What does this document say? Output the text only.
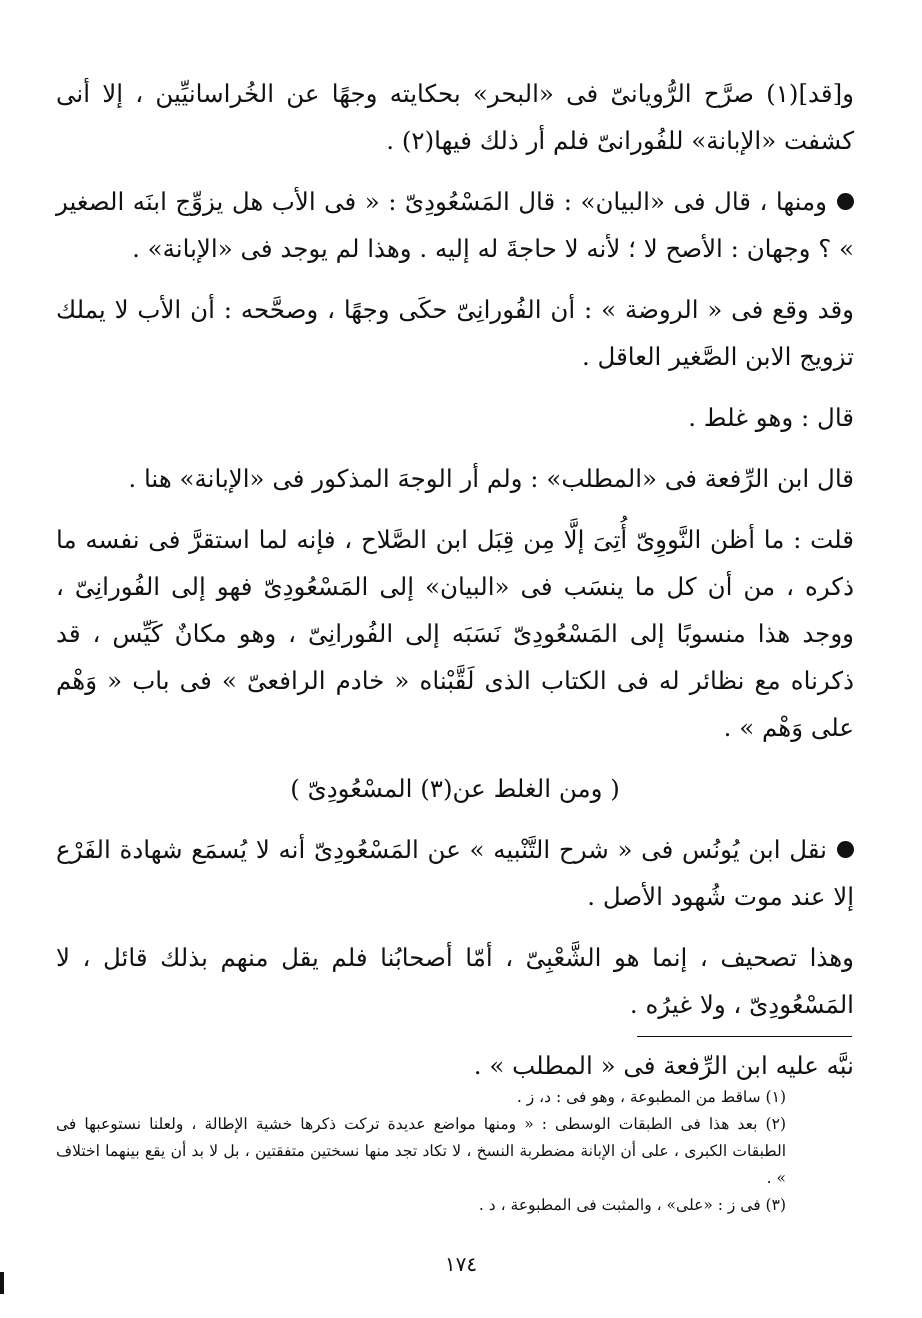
و[قد](١) صرَّح الرُّويانىّ فى «البحر» بحكايته وجهًا عن الخُراسانيِّين ، إلا أنى كشفت «الإبانة» للفُورانىّ فلم أر ذلك فيها(٢) .

ومنها ، قال فى «البيان» : قال المَسْعُودِىّ : « فى الأب هل يزوِّج ابنَه الصغير » ؟ وجهان : الأصح لا ؛ لأنه لا حاجةَ له إليه . وهذا لم يوجد فى «الإبانة» .

وقد وقع فى « الروضة » : أن الفُورانِىّ حكَى وجهًا ، وصحَّحه : أن الأب لا يملك تزويج الابن الصَّغير العاقل .

قال : وهو غلط .

قال ابن الرِّفعة فى «المطلب» : ولم أر الوجهَ المذكور فى «الإبانة» هنا .

قلت : ما أظن النَّووِىّ أُتِىَ إلَّا مِن قِبَل ابن الصَّلاح ، فإنه لما استقرَّ فى نفسه ما ذكره ، من أن كل ما ينسَب فى «البيان» إلى المَسْعُودِىّ فهو إلى الفُورانِىّ ، ووجد هذا منسوبًا إلى المَسْعُودِىّ نَسَبَه إلى الفُورانِىّ ، وهو مكانٌ كَيِّس ، قد ذكرناه مع نظائر له فى الكتاب الذى لَقَّبْناه « خادم الرافعىّ » فى باب « وَهْم على وَهْم » .

( ومن الغلط عن(٣) المسْعُودِىّ )

نقل ابن يُونُس فى « شرح التَّنْبيه » عن المَسْعُودِىّ أنه لا يُسمَع شهادة الفَرْع إلا عند موت شُهود الأصل .

وهذا تصحيف ، إنما هو الشَّعْبِىّ ، أمّا أصحابُنا فلم يقل منهم بذلك قائل ، لا المَسْعُودِىّ ، ولا غيرُه .

نبَّه عليه ابن الرِّفعة فى « المطلب » .

(١) ساقط من المطبوعة ، وهو فى : د، ز .

(٢) بعد هذا فى الطبقات الوسطى : « ومنها مواضع عديدة تركت ذكرها خشية الإطالة ، ولعلنا نستوعبها فى الطبقات الكبرى ، على أن الإبانة مضطربة النسخ ، لا تكاد تجد منها نسختين متفقتين ، بل لا بد أن يقع بينهما اختلاف » .

(٣) فى ز : «على» ، والمثبت فى المطبوعة ، د .

١٧٤
